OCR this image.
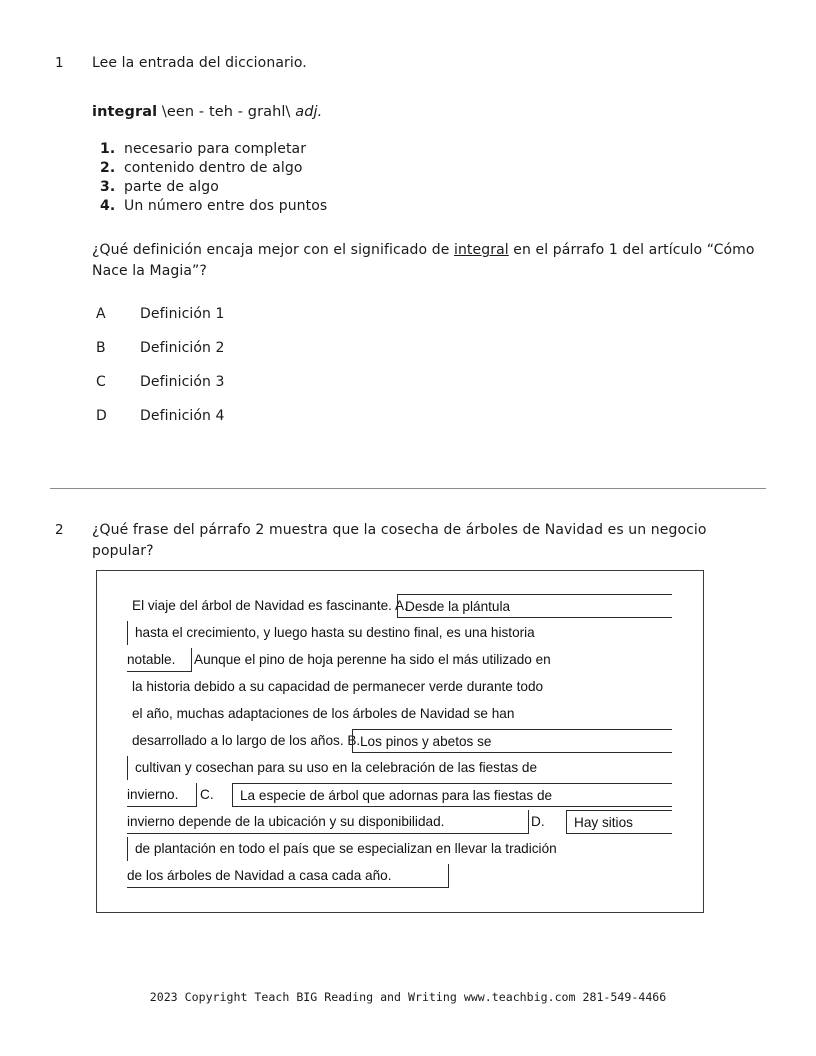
1 Lee la entrada del diccionario.
integral \een - teh - grahl\ adj.
1. necesario para completar
2. contenido dentro de algo
3. parte de algo
4. Un número entre dos puntos
¿Qué definición encaja mejor con el significado de integral en el párrafo 1 del artículo “Cómo Nace la Magia”?
A Definición 1
B Definición 2
C Definición 3
D Definición 4
2 ¿Qué frase del párrafo 2 muestra que la cosecha de árboles de Navidad es un negocio popular?
El viaje del árbol de Navidad es fascinante. A.
Desde la plántula
hasta el crecimiento, y luego hasta su destino final, es una historia
notable.	Aunque el pino de hoja perenne ha sido el más utilizado en
la historia debido a su capacidad de permanecer verde durante todo
el año, muchas adaptaciones de los árboles de Navidad se han
desarrollado a lo largo de los años. B. Los pinos y abetos se
cultivan y cosechan para su uso en la celebración de las fiestas de
invierno.	C.	La especie de árbol que adornas para las fiestas de
invierno depende de la ubicación y su disponibilidad.	D.	Hay sitios
de plantación en todo el país que se especializan en llevar la tradición
de los árboles de Navidad a casa cada año.
2023 Copyright Teach BIG Reading and Writing www.teachbig.com 281-549-4466
